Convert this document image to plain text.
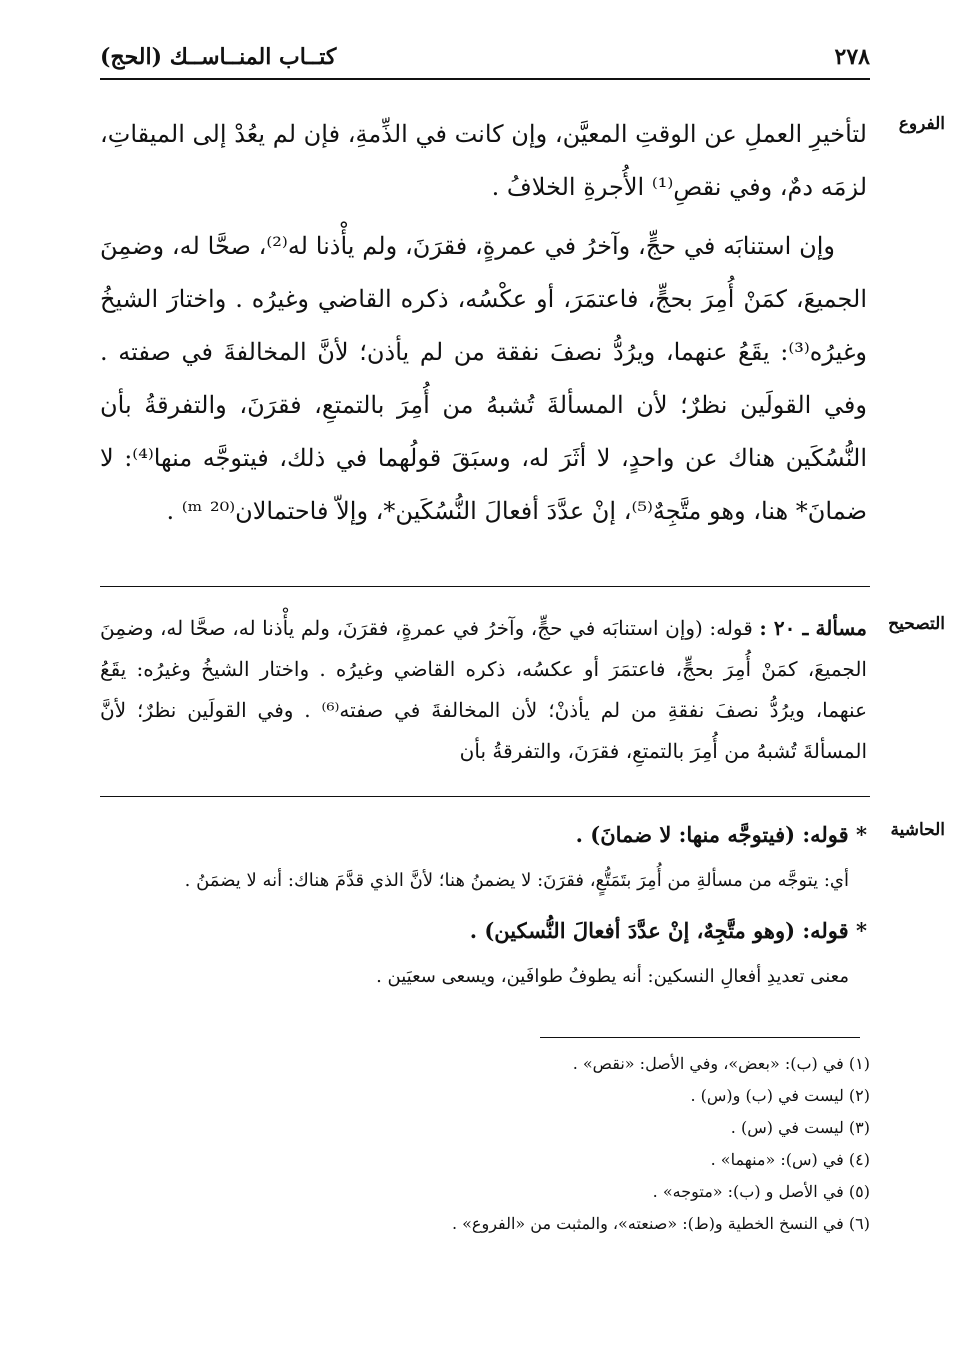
٢٧٨
كتــاب المنــاســك (الحج)
الفروع

لتأخيرِ العملِ عن الوقتِ المعيَّن، وإن كانت في الذِّمةِ، فإن لم يعُدْ إلى الميقاتِ، لزمَه دمٌ، وفي نقصِ⁽¹⁾ الأُجرةِ الخلافُ .

وإن استنابَه في حجٍّ، وآخرُ في عمرةٍ، فقرَنَ، ولم يأْذنا له⁽²⁾، صحَّا له، وضمِنَ الجميعَ، كمَنْ أُمِرَ بحجٍّ، فاعتمَرَ، أو عكْسُه، ذكره القاضي وغيرُه . واختارَ الشيخُ وغيرُه⁽³⁾: يقَعُ عنهما، ويرُدُّ نصفَ نفقة من لم يأذن؛ لأنَّ المخالفةَ في صفته . وفي القولَين نظرٌ؛ لأن المسألةَ تُشبهُ من أُمِرَ بالتمتعِ، فقرَنَ، والتفرقةُ بأن النُّسُكَين هناك عن واحدٍ، لا أثَرَ له، وسبَقَ قولُهما في ذلك، فيتوجَّه منها⁽⁴⁾: لا ضمانَ* هنا، وهو متَّجِهٌ⁽⁵⁾، إنْ عدَّدَ أفعالَ النُّسُكَين*، وإلاّ فاحتمالان⁽ᵐ ²⁰⁾ .

التصحيح

مسألة ـ ٢٠ : قوله: (وإن استنابَه في حجٍّ، وآخرُ في عمرةٍ، فقرَنَ، ولم يأْذنا له، صحَّا له، وضمِنَ الجميعَ، كمَنْ أُمِرَ بحجٍّ، فاعتمَرَ أو عكسُه، ذكره القاضي وغيرُه . واختار الشيخُ وغيرُه: يقَعُ عنهما، ويرُدُّ نصفَ نفقةِ من لم يأذنْ؛ لأن المخالفةَ في صفته⁽⁶⁾ . وفي القولَين نظرٌ؛ لأنَّ المسألةَ تُشبهُ من أُمِرَ بالتمتعِ، فقرَنَ، والتفرقةُ بأن

الحاشية

* قوله: (فيتوجَّه منها: لا ضمانَ) .

أي: يتوجَّه من مسألةِ من أُمِرَ بتَمَتُّعٍ، فقرَنَ: لا يضمنُ هنا؛ لأنَّ الذي قدَّمَ هناك: أنه لا يضمَنُ .

* قوله: (وهو متَّجِهٌ، إنْ عدَّدَ أفعالَ النُّسكين) .

معنى تعديدِ أفعالِ النسكين: أنه يطوفُ طوافَين، ويسعى سعيَين .

(١) في (ب): «بعض»، وفي الأصل: «نقص» .
(٢) ليست في (ب) و(س) .
(٣) ليست في (س) .
(٤) في (س): «منهما» .
(٥) في الأصل و (ب): «متوجه» .
(٦) في النسخ الخطية و(ط): «صنعته»، والمثبت من «الفروع» .
